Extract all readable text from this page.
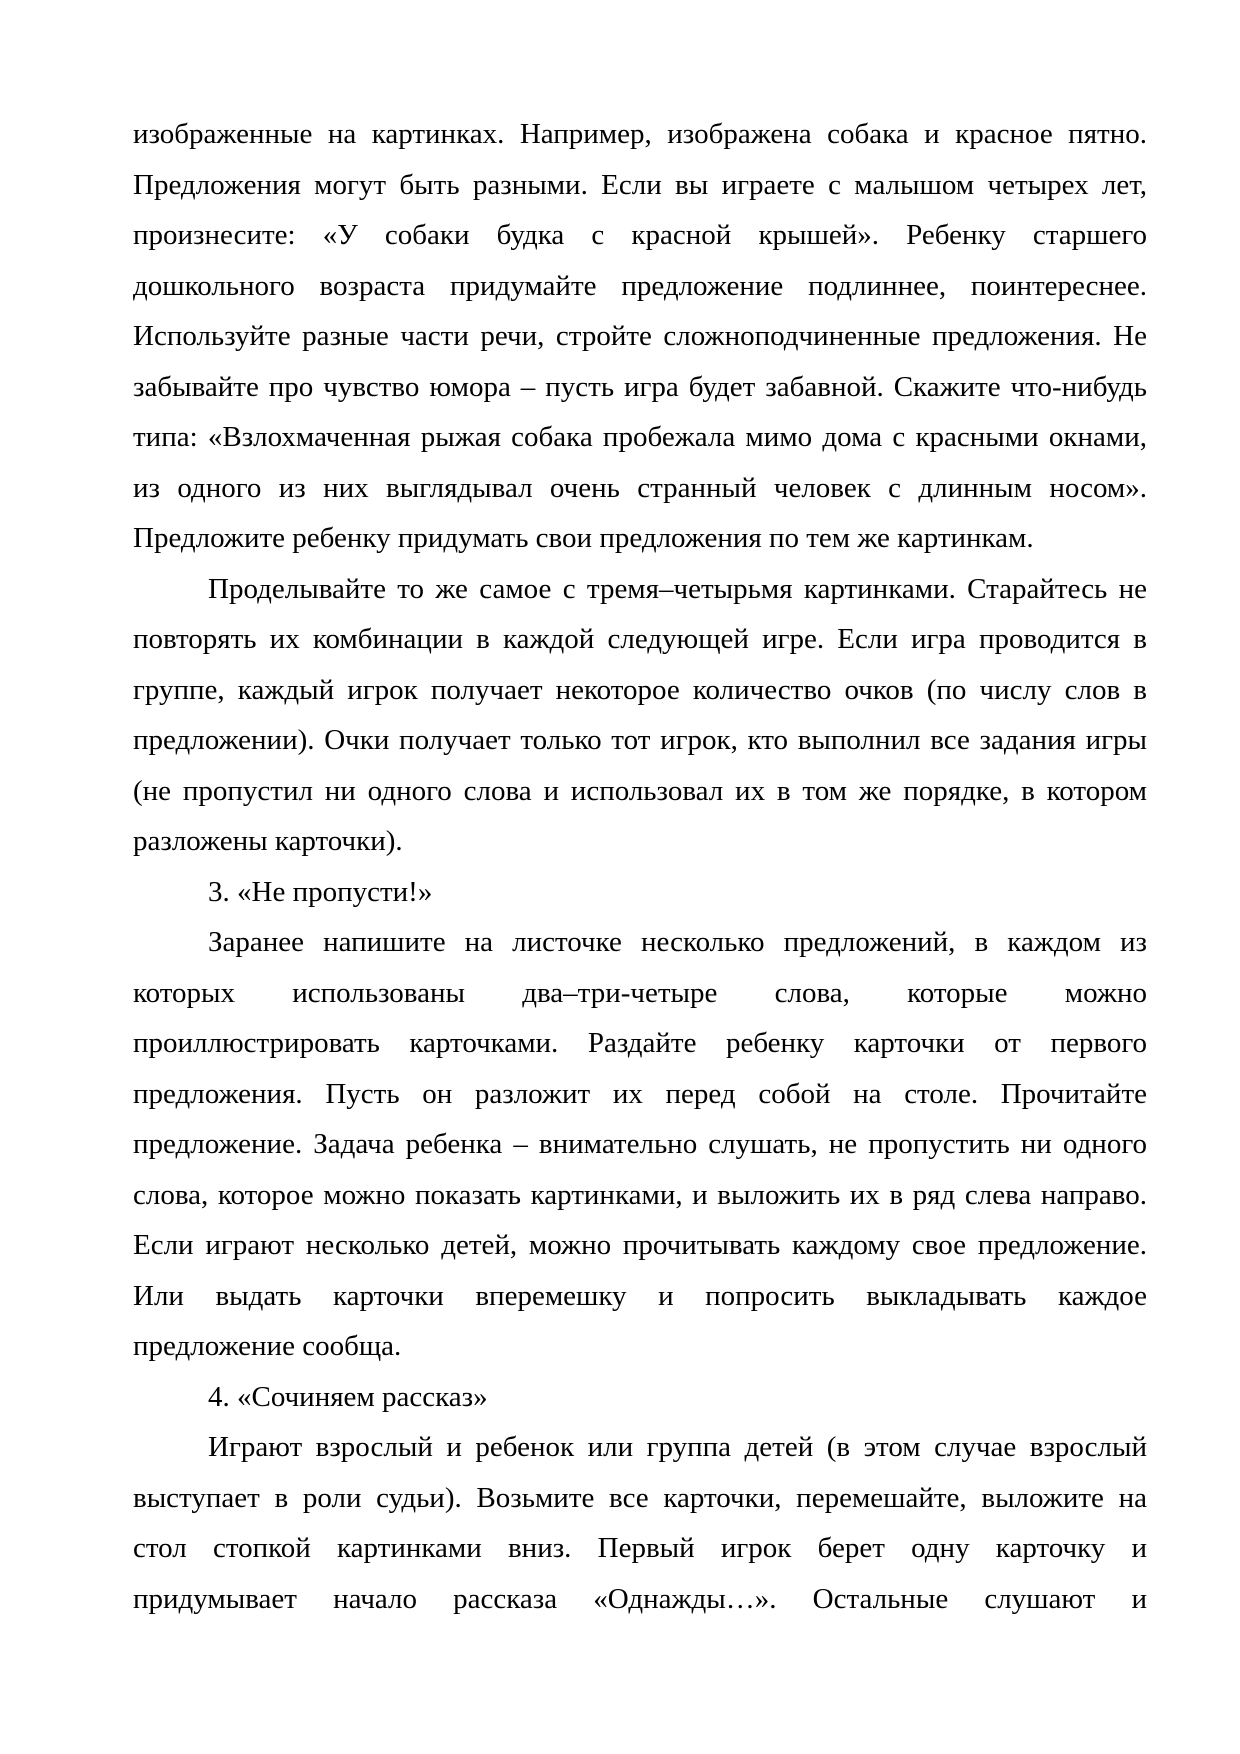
изображенные на картинках. Например, изображена собака и красное пятно.
Предложения могут быть разными. Если вы играете с малышом четырех лет,
произнесите: «У собаки будка с красной крышей». Ребенку старшего
дошкольного возраста придумайте предложение подлиннее, поинтереснее.
Используйте разные части речи, стройте сложноподчиненные предложения. Не
забывайте про чувство юмора – пусть игра будет забавной. Скажите что-нибудь
типа: «Взлохмаченная рыжая собака пробежала мимо дома с красными окнами,
из одного из них выглядывал очень странный человек с длинным носом».
Предложите ребенку придумать свои предложения по тем же картинкам.
Проделывайте то же самое с тремя–четырьмя картинками. Старайтесь не
повторять их комбинации в каждой следующей игре. Если игра проводится в
группе, каждый игрок получает некоторое количество очков (по числу слов в
предложении). Очки получает только тот игрок, кто выполнил все задания игры
(не пропустил ни одного слова и использовал их в том же порядке, в котором
разложены карточки).
3. «Не пропусти!»
Заранее напишите на листочке несколько предложений, в каждом из
которых использованы два–три-четыре слова, которые можно
проиллюстрировать карточками. Раздайте ребенку карточки от первого
предложения. Пусть он разложит их перед собой на столе. Прочитайте
предложение. Задача ребенка – внимательно слушать, не пропустить ни одного
слова, которое можно показать картинками, и выложить их в ряд слева направо.
Если играют несколько детей, можно прочитывать каждому свое предложение.
Или выдать карточки вперемешку и попросить выкладывать каждое
предложение сообща.
4. «Сочиняем рассказ»
Играют взрослый и ребенок или группа детей (в этом случае взрослый
выступает в роли судьи). Возьмите все карточки, перемешайте, выложите на
стол стопкой картинками вниз. Первый игрок берет одну карточку и
придумывает начало рассказа «Однажды…». Остальные слушают и
